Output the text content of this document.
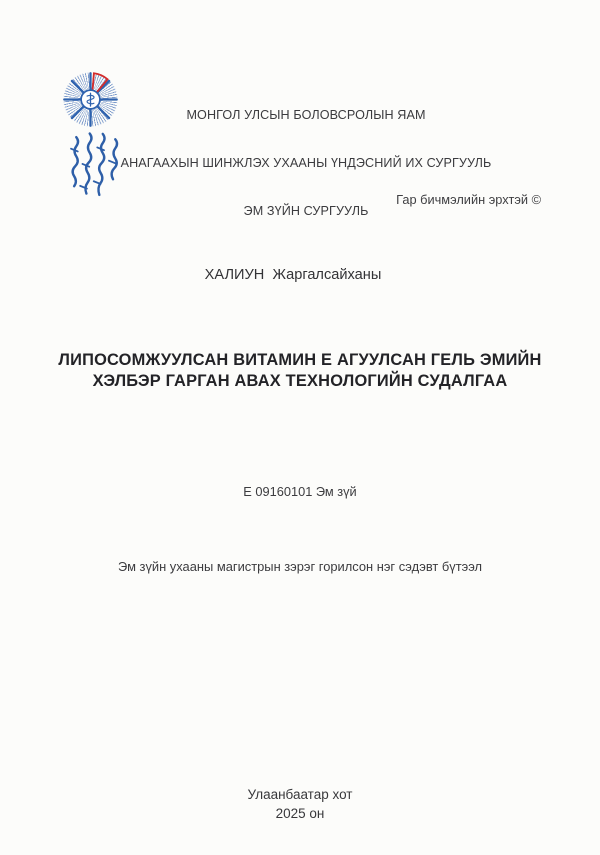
МОНГОЛ УЛСЫН БОЛОВСРОЛЫН ЯАМ

АНАГААХЫН ШИНЖЛЭХ УХААНЫ ҮНДЭСНИЙ ИХ СУРГУУЛЬ

ЭМ ЗҮЙН СУРГУУЛЬ

Гар бичмэлийн эрхтэй ©
ХАЛИУН  Жаргалсайханы
ЛИПОСОМЖУУЛСАН ВИТАМИН Е АГУУЛСАН ГЕЛЬ ЭМИЙН
ХЭЛБЭР ГАРГАН АВАХ ТЕХНОЛОГИЙН СУДАЛГАА
Е 09160101 Эм зүй
Эм зүйн ухааны магистрын зэрэг горилсон нэг сэдэвт бүтээл
Улаанбаатар хот
2025 он
